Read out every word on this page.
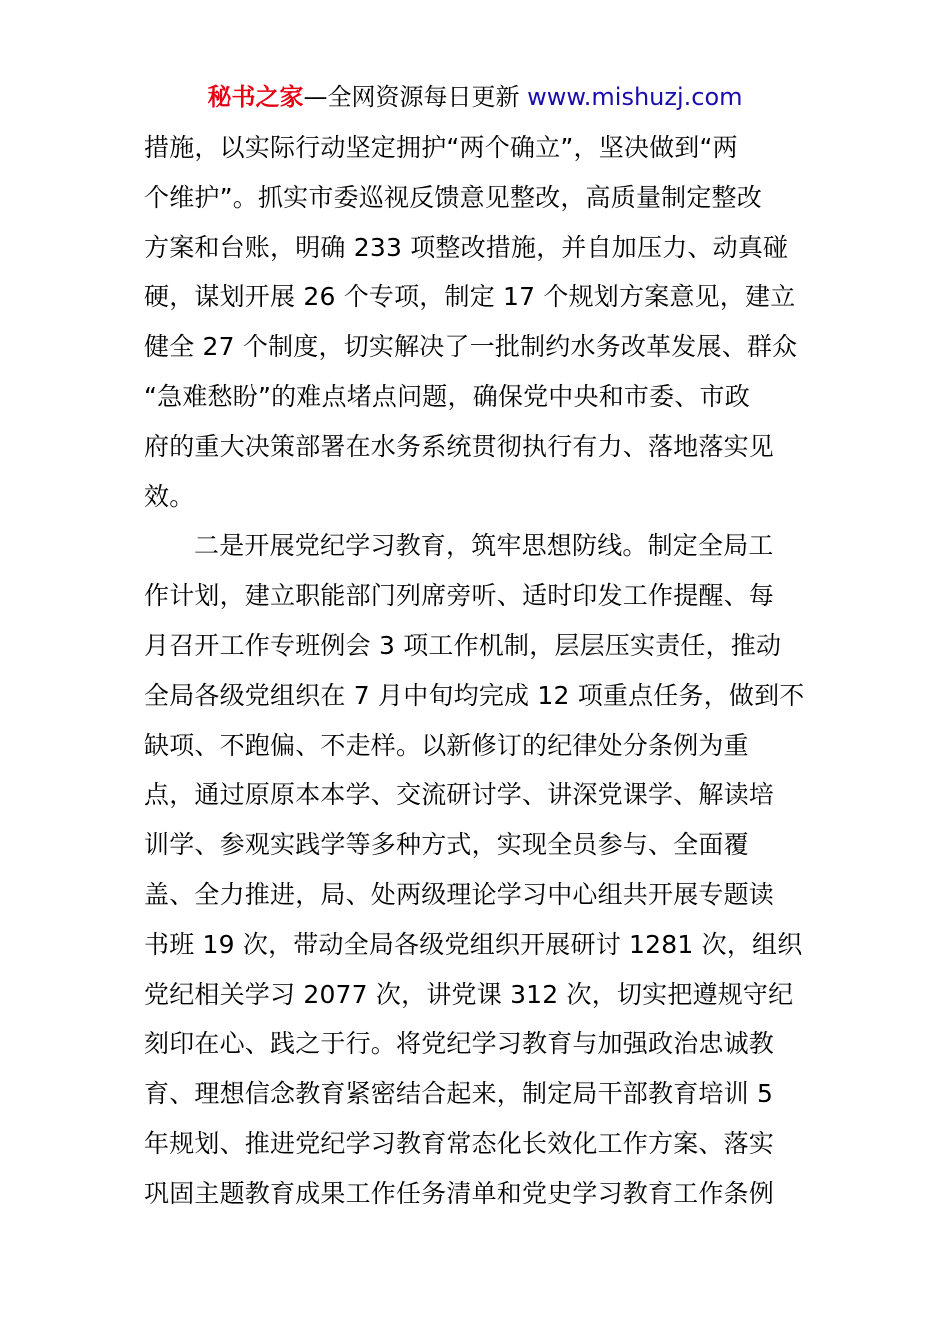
秘书之家—全网资源每日更新 www.mishuzj.com
措施，以实际行动坚定拥护“两个确立”，坚决做到“两
个维护”。抓实市委巡视反馈意见整改，高质量制定整改
方案和台账，明确 233 项整改措施，并自加压力、动真碰
硬，谋划开展 26 个专项，制定 17 个规划方案意见，建立
健全 27 个制度，切实解决了一批制约水务改革发展、群众
“急难愁盼”的难点堵点问题，确保党中央和市委、市政
府的重大决策部署在水务系统贯彻执行有力、落地落实见
效。
二是开展党纪学习教育，筑牢思想防线。制定全局工
作计划，建立职能部门列席旁听、适时印发工作提醒、每
月召开工作专班例会 3 项工作机制，层层压实责任，推动
全局各级党组织在 7 月中旬均完成 12 项重点任务，做到不
缺项、不跑偏、不走样。以新修订的纪律处分条例为重
点，通过原原本本学、交流研讨学、讲深党课学、解读培
训学、参观实践学等多种方式，实现全员参与、全面覆
盖、全力推进，局、处两级理论学习中心组共开展专题读
书班 19 次，带动全局各级党组织开展研讨 1281 次，组织
党纪相关学习 2077 次，讲党课 312 次，切实把遵规守纪
刻印在心、践之于行。将党纪学习教育与加强政治忠诚教
育、理想信念教育紧密结合起来，制定局干部教育培训 5
年规划、推进党纪学习教育常态化长效化工作方案、落实
巩固主题教育成果工作任务清单和党史学习教育工作条例
